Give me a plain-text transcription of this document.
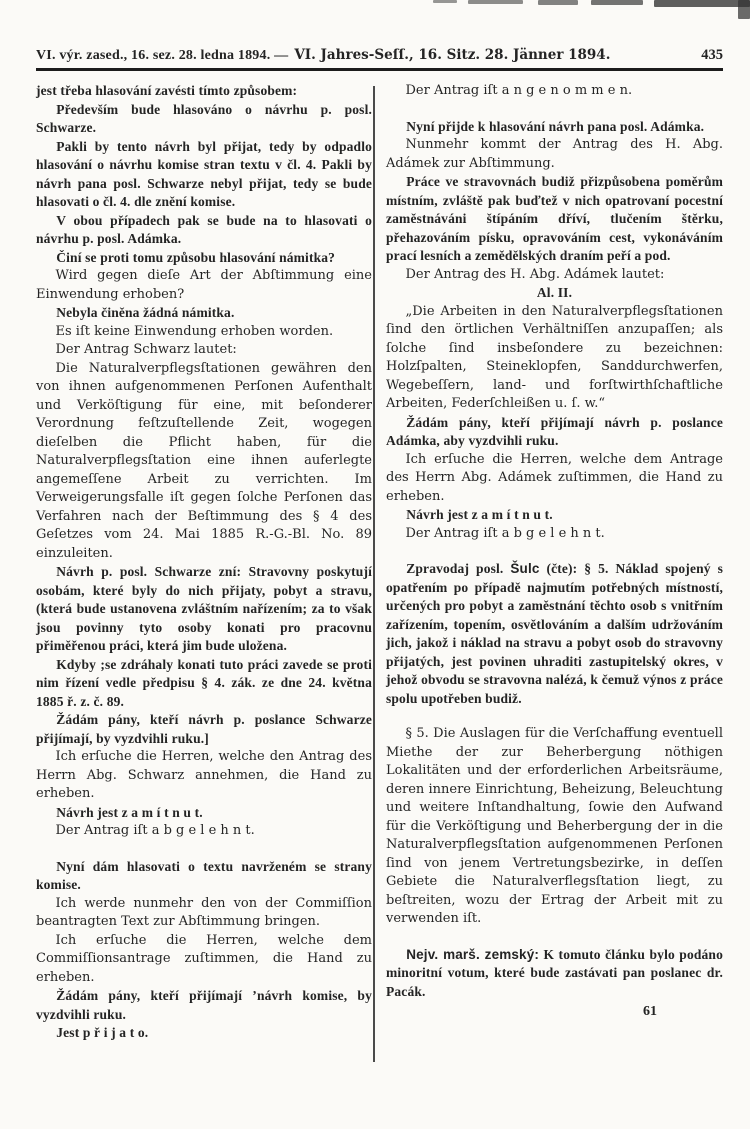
VI. výr. zased., 16. sez. 28. ledna 1894. — VI. Jahres-Seſſ., 16. Sitz. 28. Jänner 1894.	435

jest třeba hlasování zavésti tímto způsobem:

Především bude hlasováno o návrhu p. posl. Schwarze.

Pakli by tento návrh byl přijat, tedy by odpadlo hlasování o návrhu komise stran textu v čl. 4. Pakli by návrh pana posl. Schwarze nebyl přijat, tedy se bude hlasovati o čl. 4. dle znění komise.

V obou případech pak se bude na to hlasovati o návrhu p. posl. Adámka.

Činí se proti tomu způsobu hlasování námitka?

Wird gegen dieſe Art der Abſtimmung eine Einwendung erhoben?

Nebyla činěna žádná námitka.

Es iſt keine Einwendung erhoben worden.

Der Antrag Schwarz lautet:

Die Naturalverpflegsſtationen gewähren den von ihnen aufgenommenen Perſonen Aufenthalt und Verköſtigung für eine, mit beſonderer Verordnung feſtzuſtellende Zeit, wogegen dieſelben die Pflicht haben, für die Naturalverpflegsſtation eine ihnen auferlegte angemeſſene Arbeit zu verrichten. Im Verweigerungsfalle iſt gegen ſolche Perſonen das Verfahren nach der Beſtimmung des § 4 des Geſetzes vom 24. Mai 1885 R.-G.-Bl. No. 89 einzuleiten.

Návrh p. posl. Schwarze zní: Stravovny poskytují osobám, které byly do nich přijaty, pobyt a stravu, (která bude ustanovena zvláštním nařízením; za to však jsou povinny tyto osoby konati pro pracovnu přiměřenou práci, která jim bude uložena.

Kdyby ;se zdráhaly konati tuto práci zavede se proti nim řízení vedle předpisu § 4. zák. ze dne 24. května 1885 ř. z. č. 89.

Žádám pány, kteří návrh p. poslance Schwarze přijímají, by vyzdvihli ruku.]

Ich erſuche die Herren, welche den Antrag des Herrn Abg. Schwarz annehmen, die Hand zu erheben.

Návrh jest z a m í t n u t.

Der Antrag iſt a b g e l e h n t.

Nyní dám hlasovati o textu navrženém se strany komise.

Ich werde nunmehr den von der Commiſſion beantragten Text zur Abſtimmung bringen.

Ich erſuche die Herren, welche dem Commiſſionsantrage zuſtimmen, die Hand zu erheben.

Žádám pány, kteří přijímají ’návrh komise, by vyzdvihli ruku.

Jest p ř i j a t o.

Der Antrag iſt a n g e n o m m e n.

Nyní přijde k hlasování návrh pana posl. Adámka.

Nunmehr kommt der Antrag des H. Abg. Adámek zur Abſtimmung.

Práce ve stravovnách budiž přizpůsobena poměrům místním, zvláště pak buďtež v nich opatrovaní pocestní zaměstnáváni štípáním dříví, tlučením štěrku, přehazováním písku, opravováním cest, vykonáváním prací lesních a zemědělských draním peří a pod.

Der Antrag des H. Abg. Adámek lautet:

Al. II.

„Die Arbeiten in den Naturalverpflegsſtationen ſind den örtlichen Verhältniſſen anzupaſſen; als ſolche ſind insbeſondere zu bezeichnen: Holzſpalten, Steineklopfen, Sanddurchwerfen, Wegebeſſern, land- und forſtwirthſchaftliche Arbeiten, Federſchleißen u. ſ. w.“

Žádám pány, kteří přijímají návrh p. poslance Adámka, aby vyzdvihli ruku.

Ich erſuche die Herren, welche dem Antrage des Herrn Abg. Adámek zuſtimmen, die Hand zu erheben.

Návrh jest z a m í t n u t.

Der Antrag iſt a b g e l e h n t.

Zpravodaj posl. Šulc (čte): § 5. Náklad spojený s opatřením po případě najmutím potřebných místností, určených pro pobyt a zaměstnání těchto osob s vnitřním zařízením, topením, osvětlováním a dalším udržováním jich, jakož i náklad na stravu a pobyt osob do stravovny přijatých, jest povinen uhraditi zastupitelský okres, v jehož obvodu se stravovna nalézá, k čemuž výnos z práce spolu upotřeben budiž.

§ 5. Die Auslagen für die Verſchaffung eventuell Miethe der zur Beherbergung nöthigen Lokalitäten und der erforderlichen Arbeitsräume, deren innere Einrichtung, Beheizung, Beleuchtung und weitere Inſtandhaltung, ſowie den Aufwand für die Verköſtigung und Beherbergung der in die Naturalverpflegsſtation aufgenommenen Perſonen ſind von jenem Vertretungsbezirke, in deſſen Gebiete die Naturalverflegsſtation liegt, zu beſtreiten, wozu der Ertrag der Arbeit mit zu verwenden iſt.

Nejv. marš. zemský: K tomuto článku bylo podáno minoritní votum, které bude zastávati pan poslanec dr. Pacák.

61
